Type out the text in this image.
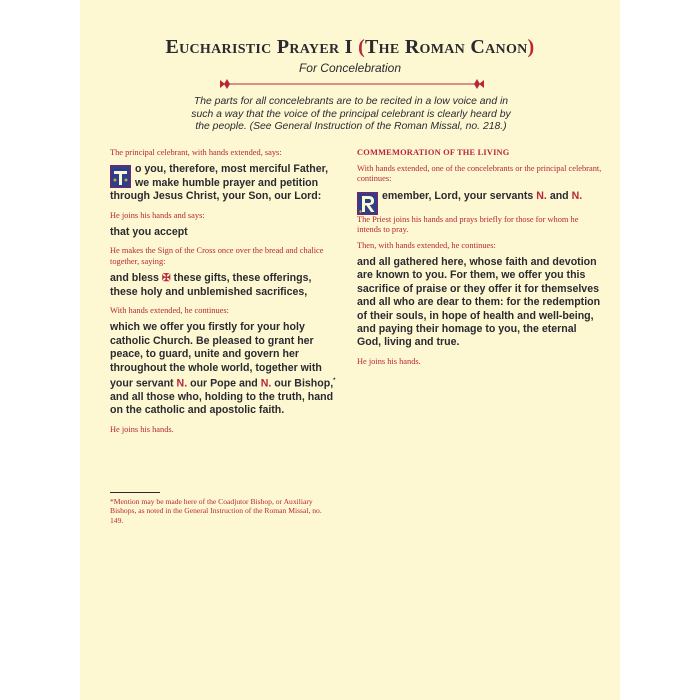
Eucharistic Prayer I (The Roman Canon)
For Concelebration
The parts for all concelebrants are to be recited in a low voice and in such a way that the voice of the principal celebrant is clearly heard by the people. (See General Instruction of the Roman Missal, no. 218.)

The principal celebrant, with hands extended, says:

o you, therefore, most merciful Father, we make humble prayer and petition through Jesus Christ, your Son, our Lord:

He joins his hands and says:

that you accept

He makes the Sign of the Cross once over the bread and chalice together, saying:

and bless ✠ these gifts, these offerings, these holy and unblemished sacrifices,

With hands extended, he continues:

which we offer you firstly for your holy catholic Church. Be pleased to grant her peace, to guard, unite and govern her throughout the whole world, together with your servant N. our Pope and N. our Bishop,* and all those who, holding to the truth, hand on the catholic and apostolic faith.

He joins his hands.

COMMEMORATION OF THE LIVING

With hands extended, one of the concelebrants or the principal celebrant, continues:

emember, Lord, your servants N. and N.

The Priest joins his hands and prays briefly for those for whom he intends to pray.

Then, with hands extended, he continues:

and all gathered here, whose faith and devotion are known to you. For them, we offer you this sacrifice of praise or they offer it for themselves and all who are dear to them: for the redemption of their souls, in hope of health and well-being, and paying their homage to you, the eternal God, living and true.

He joins his hands.

*Mention may be made here of the Coadjutor Bishop, or Auxiliary Bishops, as noted in the General Instruction of the Roman Missal, no. 149.
